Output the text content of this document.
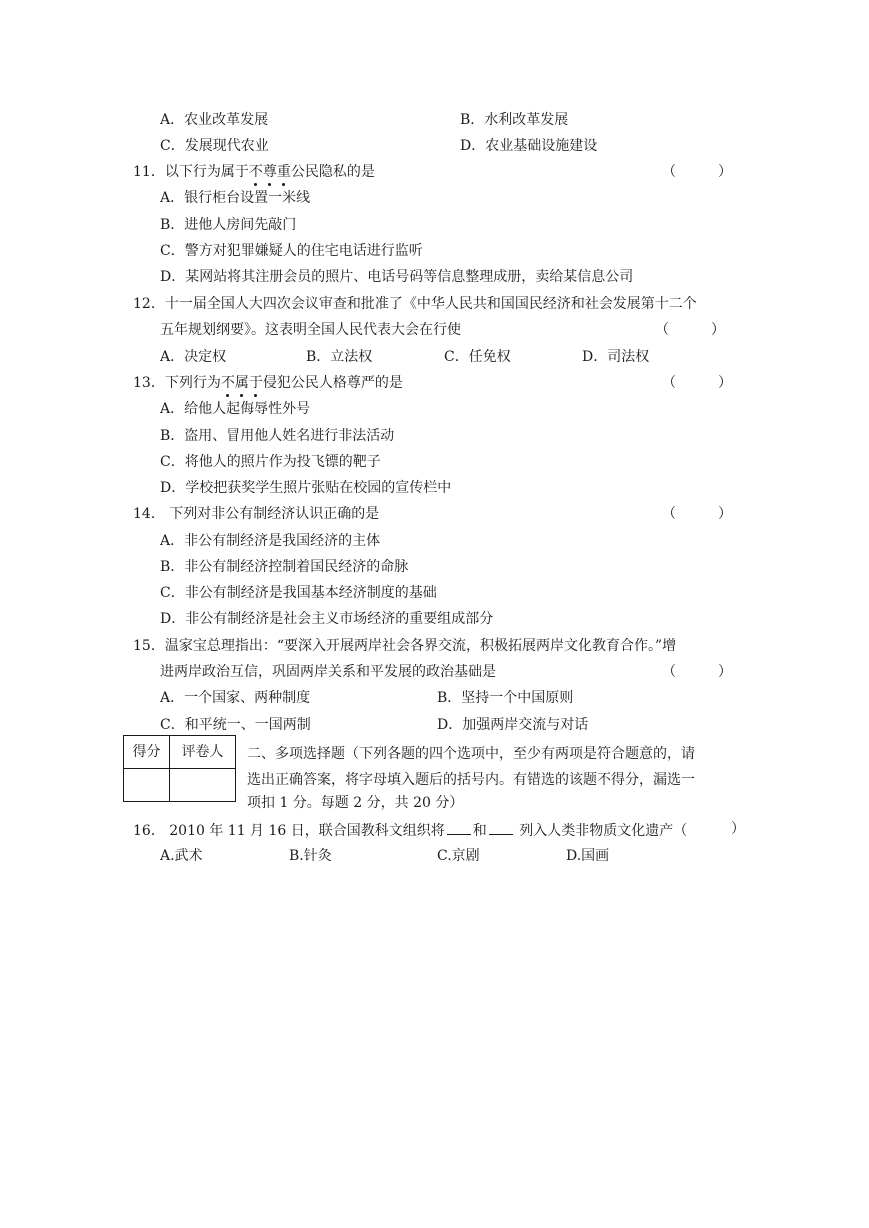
A．农业改革发展	B．水利改革发展
C．发展现代农业	D．农业基础设施建设
11．以下行为属于不尊重公民隐私的是	（　　　）
A．银行柜台设置一米线
B．进他人房间先敲门
C．警方对犯罪嫌疑人的住宅电话进行监听
D．某网站将其注册会员的照片、电话号码等信息整理成册，卖给某信息公司
12．十一届全国人大四次会议审查和批准了《中华人民共和国国民经济和社会发展第十二个
五年规划纲要》。这表明全国人民代表大会在行使	（　　　）
A．决定权	B．立法权	C．任免权	D．司法权
13．下列行为不属于侵犯公民人格尊严的是	（　　　）
A．给他人起侮辱性外号
B．盗用、冒用他人姓名进行非法活动
C．将他人的照片作为投飞镖的靶子
D．学校把获奖学生照片张贴在校园的宣传栏中
14． 下列对非公有制经济认识正确的是	（　　　）
A．非公有制经济是我国经济的主体
B．非公有制经济控制着国民经济的命脉
C．非公有制经济是我国基本经济制度的基础
D．非公有制经济是社会主义市场经济的重要组成部分
15．温家宝总理指出：“要深入开展两岸社会各界交流，积极拓展两岸文化教育合作。”增
进两岸政治互信，巩固两岸关系和平发展的政治基础是	（　　　）
A．一个国家、两种制度	B．坚持一个中国原则
C．和平统一、一国两制	D．加强两岸交流与对话
得分	评卷人
	二、多项选择题（下列各题的四个选项中，至少有两项是符合题意的，请
选出正确答案，将字母填入题后的括号内。有错选的该题不得分，漏选一
项扣 1 分。每题 2 分，共 20 分）
16． 2010 年 11 月 16 日，联合国教科文组织将 和 列入人类非物质文化遗产（	）
A.武术	B.针灸	C.京剧	D.国画
